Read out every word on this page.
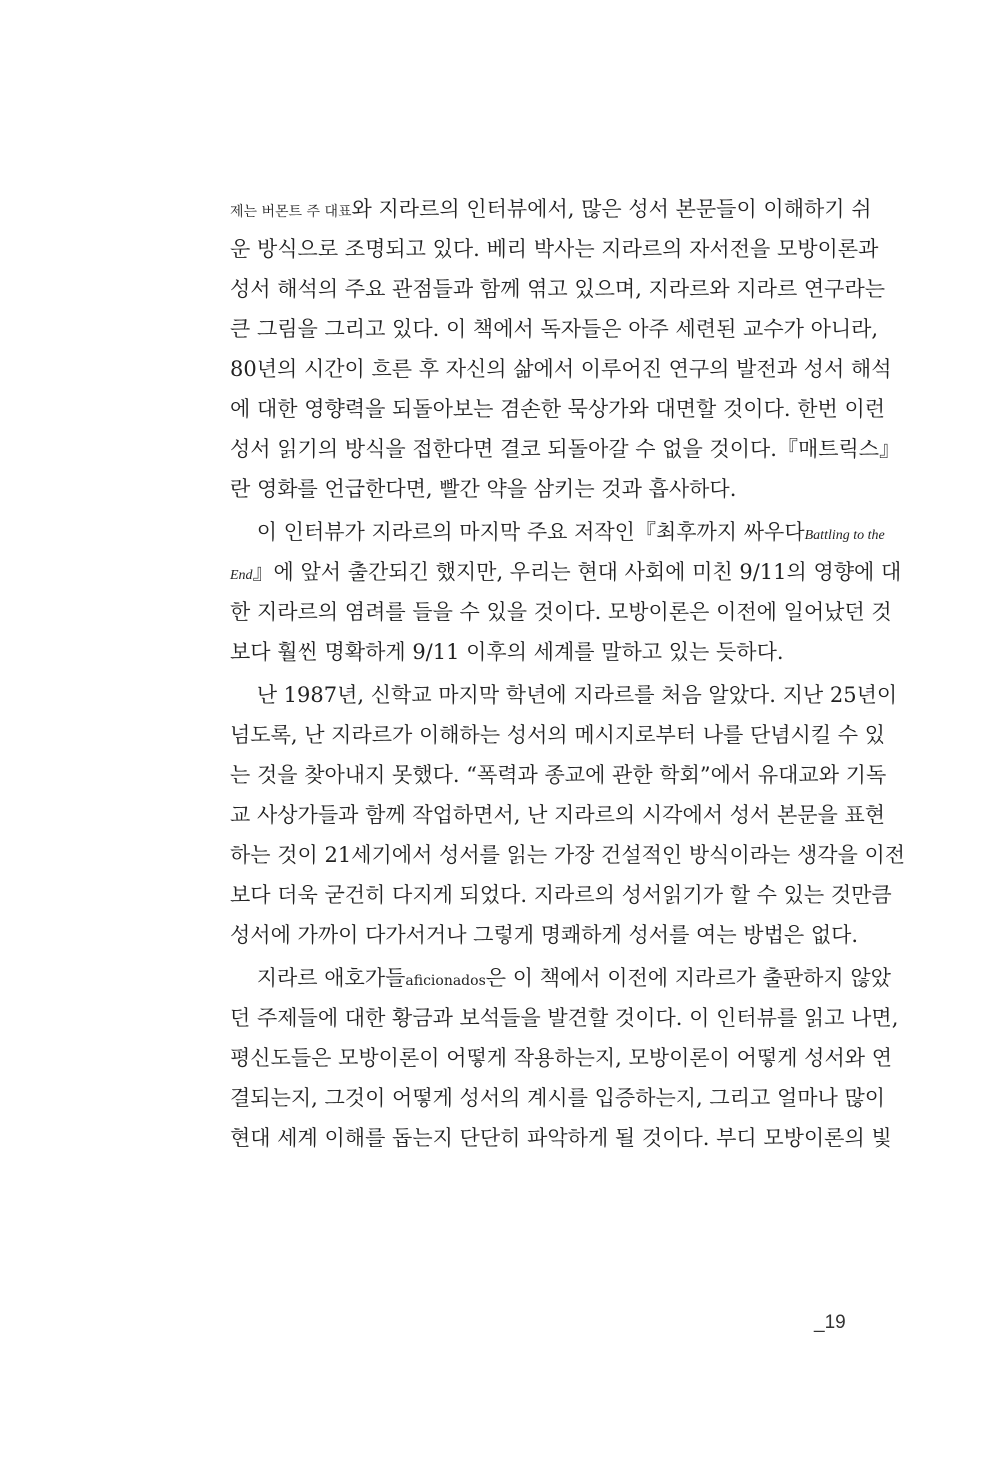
제는 버몬트 주 대표와 지라르의 인터뷰에서, 많은 성서 본문들이 이해하기 쉬
운 방식으로 조명되고 있다. 베리 박사는 지라르의 자서전을 모방이론과
성서 해석의 주요 관점들과 함께 엮고 있으며, 지라르와 지라르 연구라는
큰 그림을 그리고 있다. 이 책에서 독자들은 아주 세련된 교수가 아니라,
80년의 시간이 흐른 후 자신의 삶에서 이루어진 연구의 발전과 성서 해석
에 대한 영향력을 되돌아보는 겸손한 묵상가와 대면할 것이다. 한번 이런
성서 읽기의 방식을 접한다면 결코 되돌아갈 수 없을 것이다.『매트릭스』
란 영화를 언급한다면, 빨간 약을 삼키는 것과 흡사하다.
이 인터뷰가 지라르의 마지막 주요 저작인『최후까지 싸우다Battling to the
End』에 앞서 출간되긴 했지만, 우리는 현대 사회에 미친 9/11의 영향에 대
한 지라르의 염려를 들을 수 있을 것이다. 모방이론은 이전에 일어났던 것
보다 훨씬 명확하게 9/11 이후의 세계를 말하고 있는 듯하다.
난 1987년, 신학교 마지막 학년에 지라르를 처음 알았다. 지난 25년이
넘도록, 난 지라르가 이해하는 성서의 메시지로부터 나를 단념시킬 수 있
는 것을 찾아내지 못했다. “폭력과 종교에 관한 학회”에서 유대교와 기독
교 사상가들과 함께 작업하면서, 난 지라르의 시각에서 성서 본문을 표현
하는 것이 21세기에서 성서를 읽는 가장 건설적인 방식이라는 생각을 이전
보다 더욱 굳건히 다지게 되었다. 지라르의 성서읽기가 할 수 있는 것만큼
성서에 가까이 다가서거나 그렇게 명쾌하게 성서를 여는 방법은 없다.
지라르 애호가들aficionados은 이 책에서 이전에 지라르가 출판하지 않았
던 주제들에 대한 황금과 보석들을 발견할 것이다. 이 인터뷰를 읽고 나면,
평신도들은 모방이론이 어떻게 작용하는지, 모방이론이 어떻게 성서와 연
결되는지, 그것이 어떻게 성서의 계시를 입증하는지, 그리고 얼마나 많이
현대 세계 이해를 돕는지 단단히 파악하게 될 것이다. 부디 모방이론의 빛
_19
